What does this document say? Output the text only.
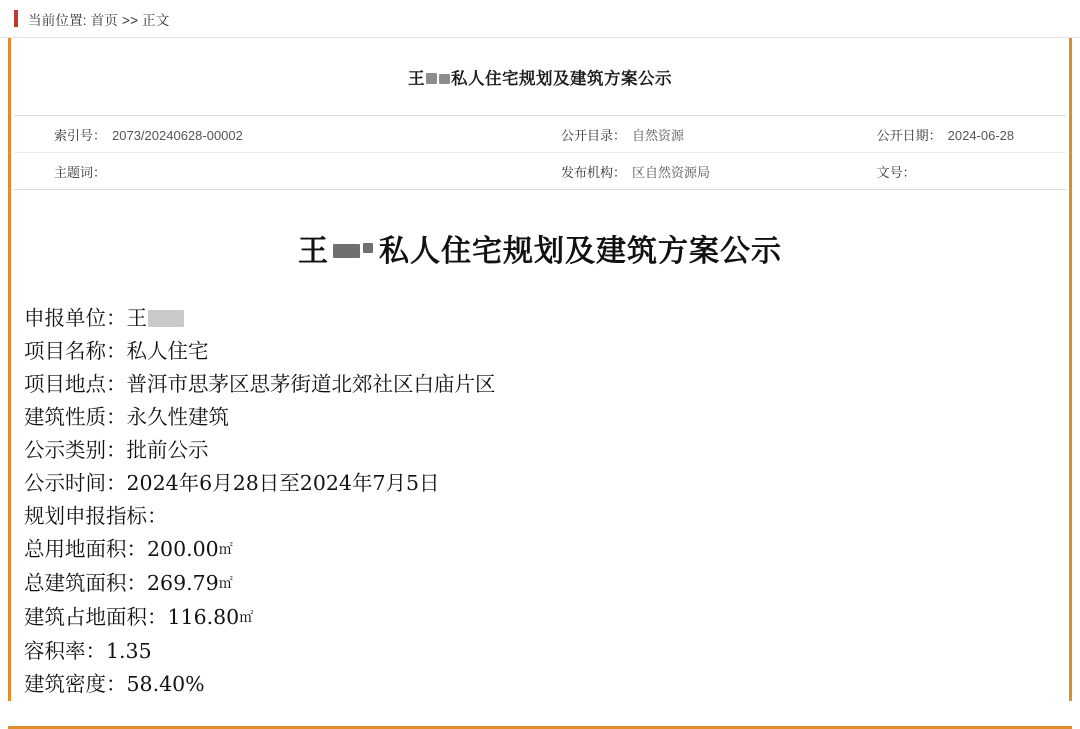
当前位置: 首页 >> 正文
王 私人住宅规划及建筑方案公示
索引号： 2073/20240628-00002	公开目录： 自然资源	公开日期： 2024-06-28
主题词：	发布机构： 区自然资源局	文号：
王 私人住宅规划及建筑方案公示
申报单位：王
项目名称：私人住宅
项目地点：普洱市思茅区思茅街道北郊社区白庙片区
建筑性质：永久性建筑
公示类别：批前公示
公示时间：2024年6月28日至2024年7月5日
规划申报指标：
总用地面积：200.00㎡
总建筑面积：269.79㎡
建筑占地面积：116.80㎡
容积率：1.35
建筑密度：58.40%
